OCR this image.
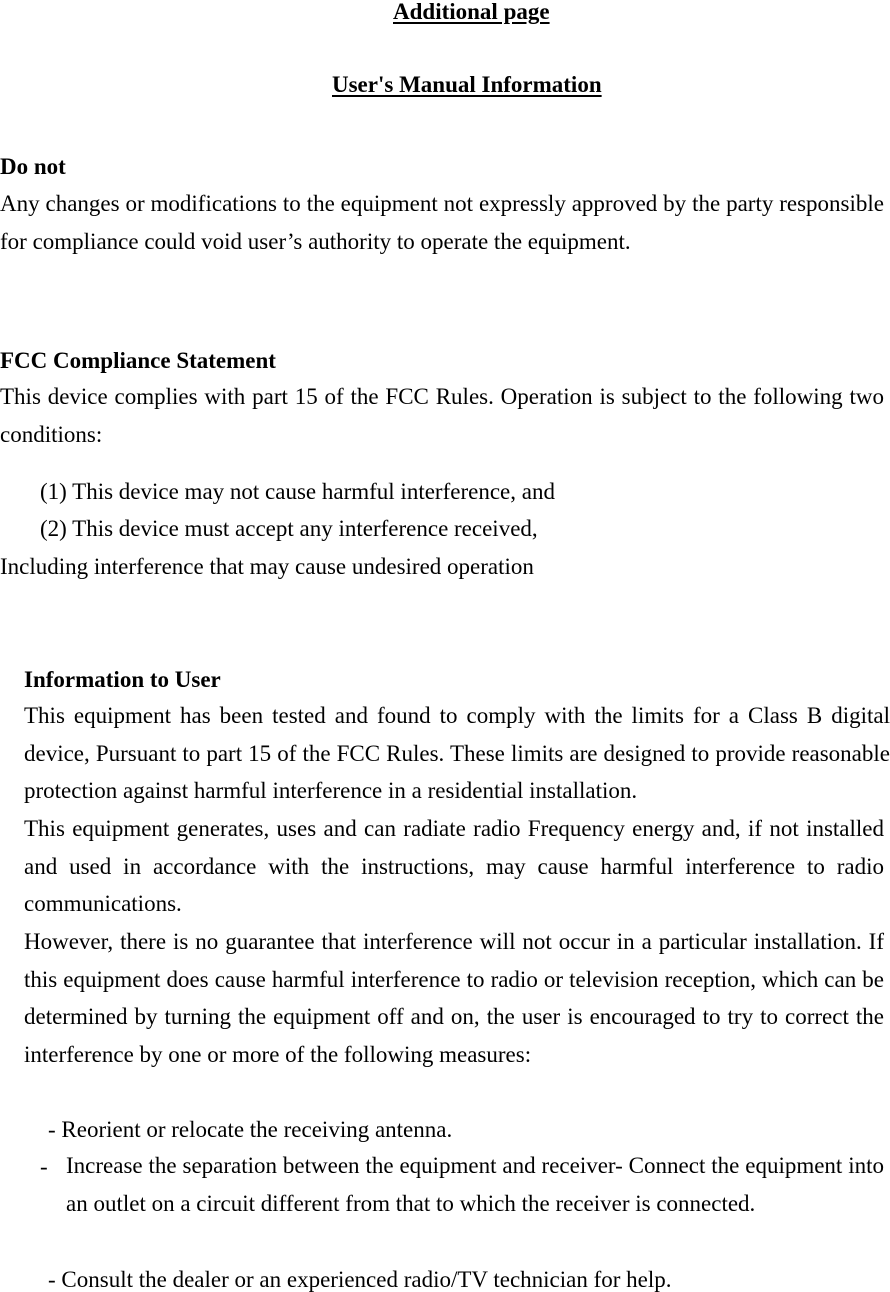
Additional page
User's Manual Information
Do not

Any changes or modifications to the equipment not expressly approved by the party responsible for compliance could void user’s authority to operate the equipment.

FCC Compliance Statement

This device complies with part 15 of the FCC Rules. Operation is subject to the following two conditions:

(1) This device may not cause harmful interference, and
(2) This device must accept any interference received,
Including interference that may cause undesired operation
Information to User

This equipment has been tested and found to comply with the limits for a Class B digital device, Pursuant to part 15 of the FCC Rules. These limits are designed to provide reasonable protection against harmful interference in a residential installation.

This equipment generates, uses and can radiate radio Frequency energy and, if not installed and used in accordance with the instructions, may cause harmful interference to radio communications.

However, there is no guarantee that interference will not occur in a particular installation. If this equipment does cause harmful interference to radio or television reception, which can be determined by turning the equipment off and on, the user is encouraged to try to correct the interference by one or more of the following measures:

- Reorient or relocate the receiving antenna.
- Increase the separation between the equipment and receiver- Connect the equipment into an outlet on a circuit different from that to which the receiver is connected.

- Consult the dealer or an experienced radio/TV technician for help.
